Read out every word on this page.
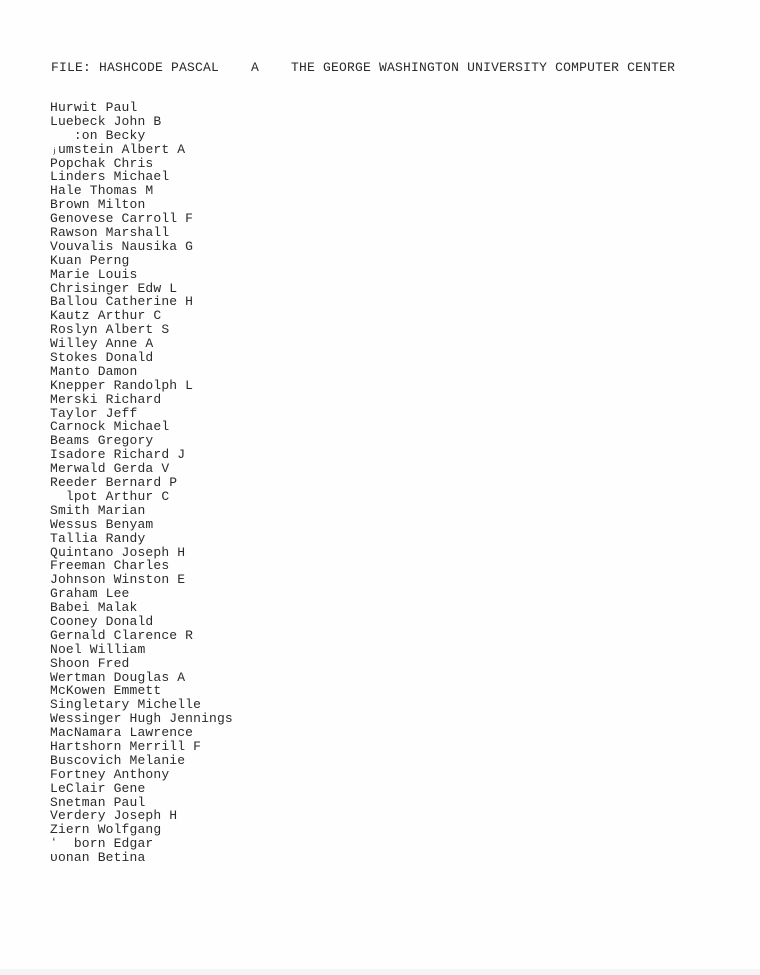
FILE: HASHCODE PASCAL    A    THE GEORGE WASHINGTON UNIVERSITY COMPUTER CENTER
Hurwit Paul
Luebeck John B
:on Becky
ⱼumstein Albert A
Popchak Chris
Linders Michael
Hale Thomas M
Brown Milton
Genovese Carroll F
Rawson Marshall
Vouvalis Nausika G
Kuan Perng
Marie Louis
Chrisinger Edw L
Ballou Catherine H
Kautz Arthur C
Roslyn Albert S
Willey Anne A
Stokes Donald
Manto Damon
Knepper Randolph L
Merski Richard
Taylor Jeff
Carnock Michael
Beams Gregory
Isadore Richard J
Merwald Gerda V
Reeder Bernard P
lpot Arthur C
Smith Marian
Wessus Benyam
Tallia Randy
Quintano Joseph H
Freeman Charles
Johnson Winston E
Graham Lee
Babei Malak
Cooney Donald
Gernald Clarence R
Noel William
Shoon Fred
Wertman Douglas A
McKowen Emmett
Singletary Michelle
Wessinger Hugh Jennings
MacNamara Lawrence
Hartshorn Merrill F
Buscovich Melanie
Fortney Anthony
LeClair Gene
Snetman Paul
Verdery Joseph H
Ziern Wolfgang
ʻ  born Edgar
ʋonan Betina
